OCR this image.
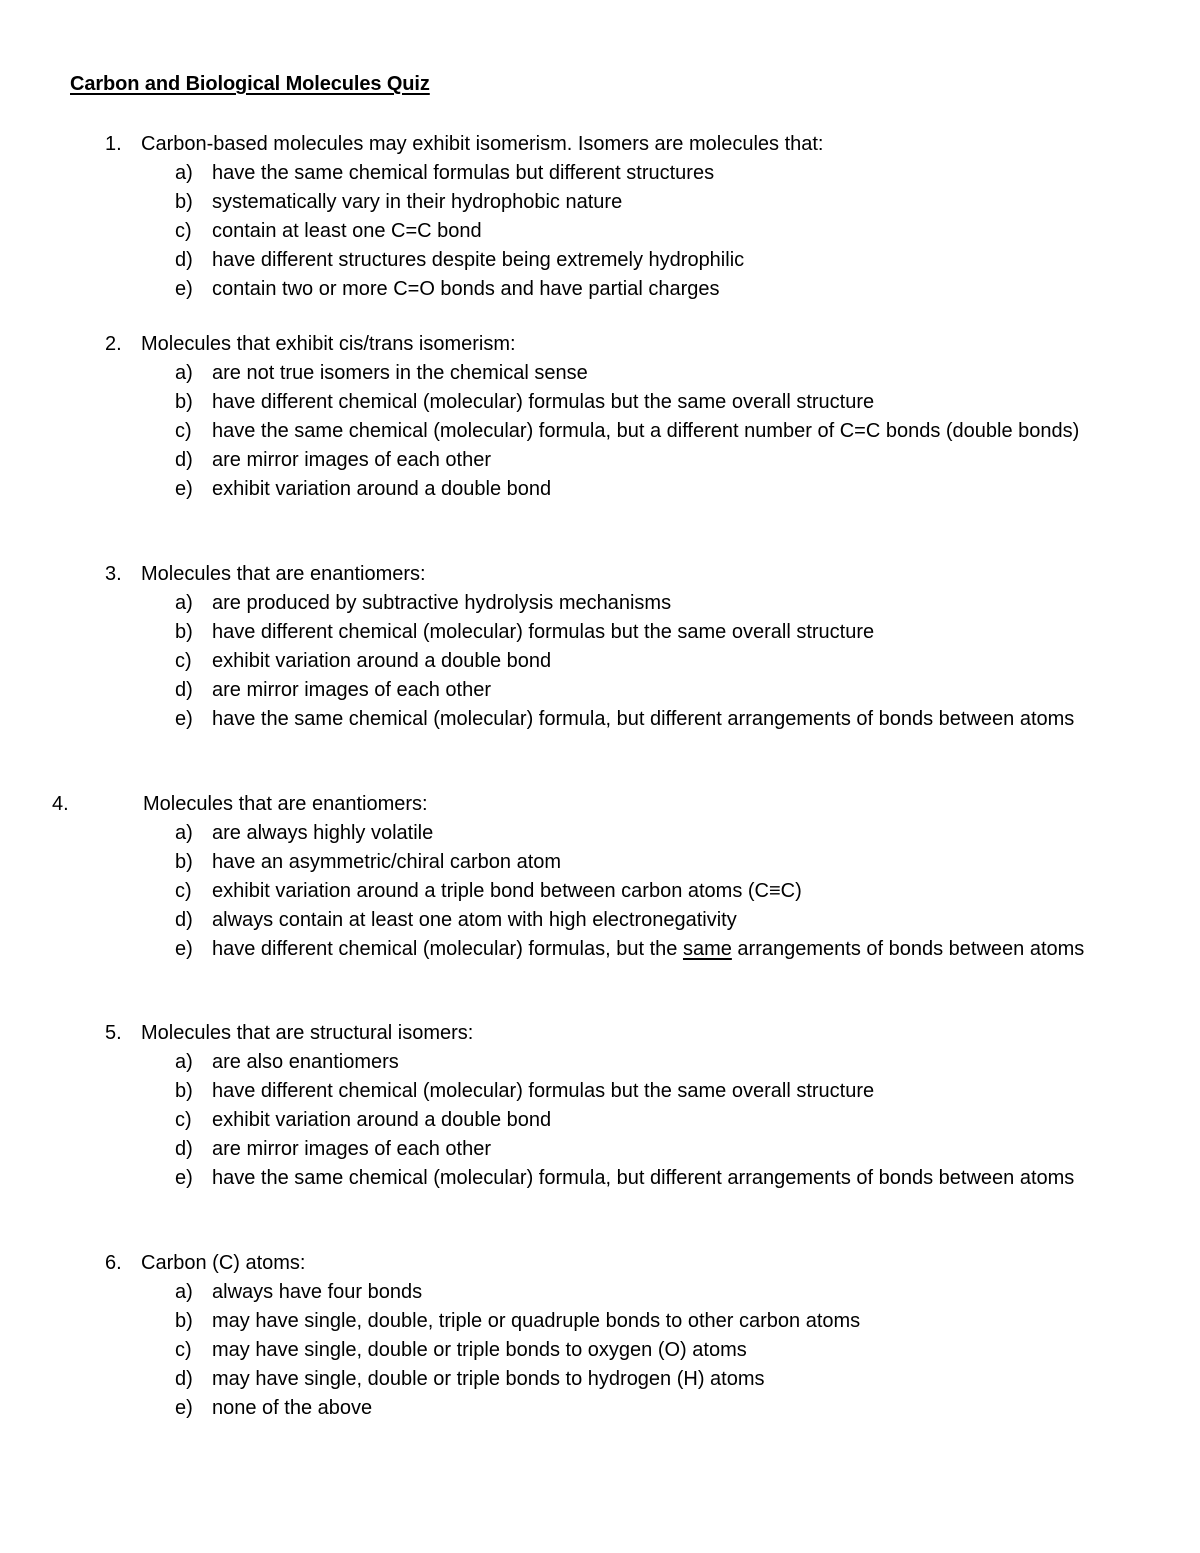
Carbon and Biological Molecules Quiz
1. Carbon-based molecules may exhibit isomerism. Isomers are molecules that:
a) have the same chemical formulas but different structures
b) systematically vary in their hydrophobic nature
c) contain at least one C=C bond
d) have different structures despite being extremely hydrophilic
e) contain two or more C=O bonds and have partial charges
2. Molecules that exhibit cis/trans isomerism:
a) are not true isomers in the chemical sense
b) have different chemical (molecular) formulas but the same overall structure
c) have the same chemical (molecular) formula, but a different number of C=C bonds (double bonds)
d) are mirror images of each other
e) exhibit variation around a double bond
3. Molecules that are enantiomers:
a) are produced by subtractive hydrolysis mechanisms
b) have different chemical (molecular) formulas but the same overall structure
c) exhibit variation around a double bond
d) are mirror images of each other
e) have the same chemical (molecular) formula, but different arrangements of bonds between atoms
4.	Molecules that are enantiomers:
a) are always highly volatile
b) have an asymmetric/chiral carbon atom
c) exhibit variation around a triple bond between carbon atoms (C≡C)
d) always contain at least one atom with high electronegativity
e) have different chemical (molecular) formulas, but the same arrangements of bonds between atoms
5. Molecules that are structural isomers:
a) are also enantiomers
b) have different chemical (molecular) formulas but the same overall structure
c) exhibit variation around a double bond
d) are mirror images of each other
e) have the same chemical (molecular) formula, but different arrangements of bonds between atoms
6. Carbon (C) atoms:
a) always have four bonds
b) may have single, double, triple or quadruple bonds to other carbon atoms
c) may have single, double or triple bonds to oxygen (O) atoms
d) may have single, double or triple bonds to hydrogen (H) atoms
e) none of the above
